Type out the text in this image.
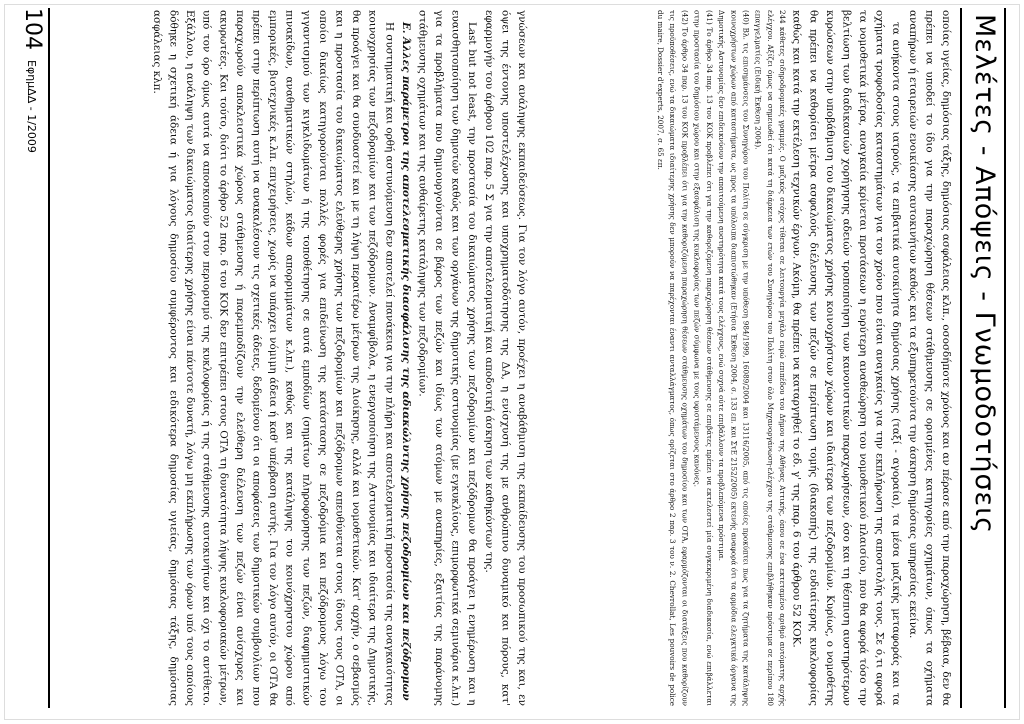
Μελέτες - Απόψεις - Γνωμοδοτήσεις

οποίας υγείας, δημόσιας τάξης, δημόσιας ασφάλειας κλπ., οσοσδήποτε χρόνος και αν πέρασε από την παραχώρηση, βέβαια, δεν θα πρέπει να υποδεί το ίδιο για την παραχώρηση θέσεων στάθμευσης σε ορισμένες κατηγορίες οχημάτων, όπως τα οχήματα αναπήρων ή εταιρειών ενοικίασης αυτοκινήτων καθώς και τα εξυπηρετούντα την άσκηση δημόσιας υπηρεσίας εκείνα.

τα ανήκοντα στους ιατρούς, τα επιβατικά αυτοκίνητα δημόσιας χρήσης (ταξί - αγοραία), τα μέσα μαζικής μεταφοράς και τα οχήματα τροφοδοσίας καταστημάτων για τον χρόνο που είναι αναγκαίος για την εκπλήρωση της αποστολής τους. Σε ό,τι αφορά τα νομοθετικά μέτρα, αναγκαία κρίνεται προτάσεων η ευρύτερη αναθεώρηση του νομοθετικού πλαισίου, που θα αφορά τόσο την βελτίωση των διαδικασιών χορήγησης αδειών τροποποίηση των κανονιστικών παραχωρήσεων, όσο και τη θέσπιση αυστηρότερων κυρώσεων στην υποβάθμιση του δικαιώματος χρήσης κοινοχρήστων χώρων και ιδιαίτερα των πεζοδρομίων. Κυρίως, ο νομοθέτης θα πρέπει να καθορίσει μέτρα ασφαλούς διέλευσης των πεζών σε περίπτωση τομής (διακοπής) της ευδιαίτερης κυκλοφορίας καθώς και κατά την εκτέλεση τεχνικών έργων. Ακόμη, θα πρέπει να καταργηθεί το εδ. γ' της παρ. 6 του άρθρου 52 ΚΟΚ.

244 κάθετες σιδηροδρομικές γραμμές. Ο μαζικός στόχος τίθεται σε λειτουργία μεγάλο ευρώ επιπέδου του Δήμου της Αθήνας Αττικής, όπου σε ένα εκτεταμένο αριθμό αυτόματης αρχής ελέγχου. Αξίζει όμως να σημειωθεί ότι κατά τη διάρκεια των ετών του Συνηγόρου του Πολίτη στον όλο Μηχανοργάνωση-ελέγχου της στάθμευσης επιβλήθηκαν πρόστιμα σε περίπου 180 επαγγελματίες (Ειδική Έκθεση 2004).

(40) Βλ. τις επισημάνσεις του Συνηγόρου του Πολίτη σε σύγκριση με την υπόθεση 984/1999, 16089/2004 και 13116/2005, από τις οποίες προκύπτει πως για τα ζητήματα της κατάληψης κοινοχρήστων χώρων από καταστήματα, ως προς τα υπόλοιπα διαπιστώθηκαν (Ετήσια Έκθεση 2004, σ. 133 επ. και ΣτΕ 2152/2005) εκτενής αναφορά ότι τα αρμόδια ελεγκτικά όργανα της Δημοτικής Αστυνομίας δεν επιδεικνύουν την απαιτούμενη αυστηρότητα κατά τους ελέγχους, ενώ συχνά ούτε επιβάλλουν τα προβλεπόμενα πρόστιμα.

(41) Το άρθρο 34 παρ. 13 του ΚΟΚ προβλέπει ότι για την καθοριζόμενη παραχώρηση θέσεων στάθμευσης σε επιβάτες πρέπει να εκτελεστεί μία συγκεκριμένη διαδικασία, ενώ επιβάλλεται στην προστασία του δημόσιου χώρου και στην εξασφάλιση της κυκλοφορίας των πεζών σύμφωνα με τους υφιστάμενους κανόνες.

(42) Το άρθρο 34 παρ. 13 του ΚΟΚ προβλέπει ότι για την καθοριζόμενη παραχώρηση θέσεων στάθμευσης οχημάτων του δημοσίου και των ΟΤΑ, εφαρμόζονται οι διατάξεις που καθορίζουν τις προϋποθέσεις, ενώ τα δικαιώματα ιδιαίτερης χρήσης δεν μπορούν να παρέχονται έναντι ανταλλάγματος, όπως ορίζεται στο άρθρο 2 παρ. 3 του ν. 2. Chevrollat, Les pouvoirs de police du maire, Dossier d'experts, 2007, σ. 65 επ.

γνώσεων και ανάληψης εκπαιδεύσεως. Για τον λόγο αυτόν, προέχει η αναβάθμιση της εκπαίδευσης του προσωπικού της και, εν όψει της έντονης υποστελέχωσης και υποχρηματοδότησης της ΔΑ, η ενίσχυσή της με ανθρώπινο δυναμικό και πόρους, κατ' εφαρμογήν του άρθρου 102 παρ. 5 Σ για την αποτελεσματική και αποδοτική άσκηση των καθηκόντων της.

Last but not least, την προστασία του δικαιώματος χρήσης των πεζοδρομίων και πεζόδρομων θα προάγει η ενημέρωση και η ευαισθητοποίηση των δημοτών καθώς και των οργάνων της δημοτικής αστυνομίας (με εγκυκλίους, επιμορφωτικά σεμινάρια κ.λπ.) για τα προβλήματα που δημιουργούνται σε βάρος των πεζών και ιδίως των ατόμων με αναπηρίες, εξαιτίας της παράνομης στάθμευσης οχημάτων και της αυθαίρετης κατάληψης των πεζοδρομίων.

Ε. Άλλες παράμετροι της αποτελεσματικής διασφάλισης της αδιακώλυτης χρήσης πεζοδρομίων και πεζόδρομων

Η συστηματική και ορθή αστυνόμευση δεν αποτελεί πανάκεια για την πλήρη και αποτελεσματική προστασία της αναγκαιότητας κοινοχρησίας των πεζοδρομίων και των πεζόδρομων. Αναμφίβολα, η ενεργοποίηση της Αστυνομίας και ιδιαίτερα της Δημοτικής, θα προάγει και θα συνδυαστεί και με τη λήψη περαιτέρω μέτρων της Διοίκησης, αλλά και νομοθετικών. Κατ' αρχήν, ο σεβασμός και η προστασία του δικαιώματος ελεύθερης χρήσης των πεζοδρομίων και πεζόδρομων απευθύνεται στους ίδιους τους ΟΤΑ, οι οποίοι δικαίως κατηγορούνται πολλές φορές για επιδείνωση της κατάστασης σε πεζοδρόμια και πεζόδρομους λόγω του γιγαντισμού των κιγκλιδωμάτων ή της τοποθέτησης σε αυτά εμποδίων (σημάτων πληροφόρησης των πεζών, διαφημιστικών πινακίδων, αναθηματικών στηλών, κάδων απορριμμάτων κ.λπ.), καθώς και της κατάληψης του κοινόχρηστου χώρου από εμπορικές, βιοτεχνικές κ.λπ. επιχειρήσεις, χωρίς να υπάρχει νόμιμη άδεια ή καθ' υπέρβαση αυτής. Για τον λόγο αυτόν, οι ΟΤΑ θα πρέπει στην περίπτωση αυτή να ανακαλέσουν τις σχετικές άδειες, δεδομένου ότι οι αποφάσεις των δημοτικών συμβουλίων που παραχωρούν αποκλειστικά χώρους στάθμευσης ή παρεμποδίζουν την ελεύθερη διέλευση των πεζών είναι ανίσχυρες και ακυρωτέες. Και τούτο, διότι το άρθρο 52 παρ. 6 του ΚΟΚ δεν επιτρέπει στους ΟΤΑ τη δυνατότητα λήψης κυκλοφοριακών μέτρων, υπό τον όρο όμως αυτά να αποσκοπούν στον περιορισμό της κυκλοφορίας ή της στάθμευσης αυτοκινήτων και όχι το αντίθετο. Εξάλλου, η ανάληψη των δικαιώματος ιδιαίτερης χρήσης είναι πάντοτε δυνατή, λόγω μη εκπλήρωσης των όρων υπό τους οποίους δόθηκε η σχετική άδεια ή για λόγους δημοσίου συμφέροντος και ειδικότερα δημοσίας υγιείας, δημόσιας τάξης, δημόσιας ασφάλειας κλπ.

104
ΕφημΔΔ - 1/2009
